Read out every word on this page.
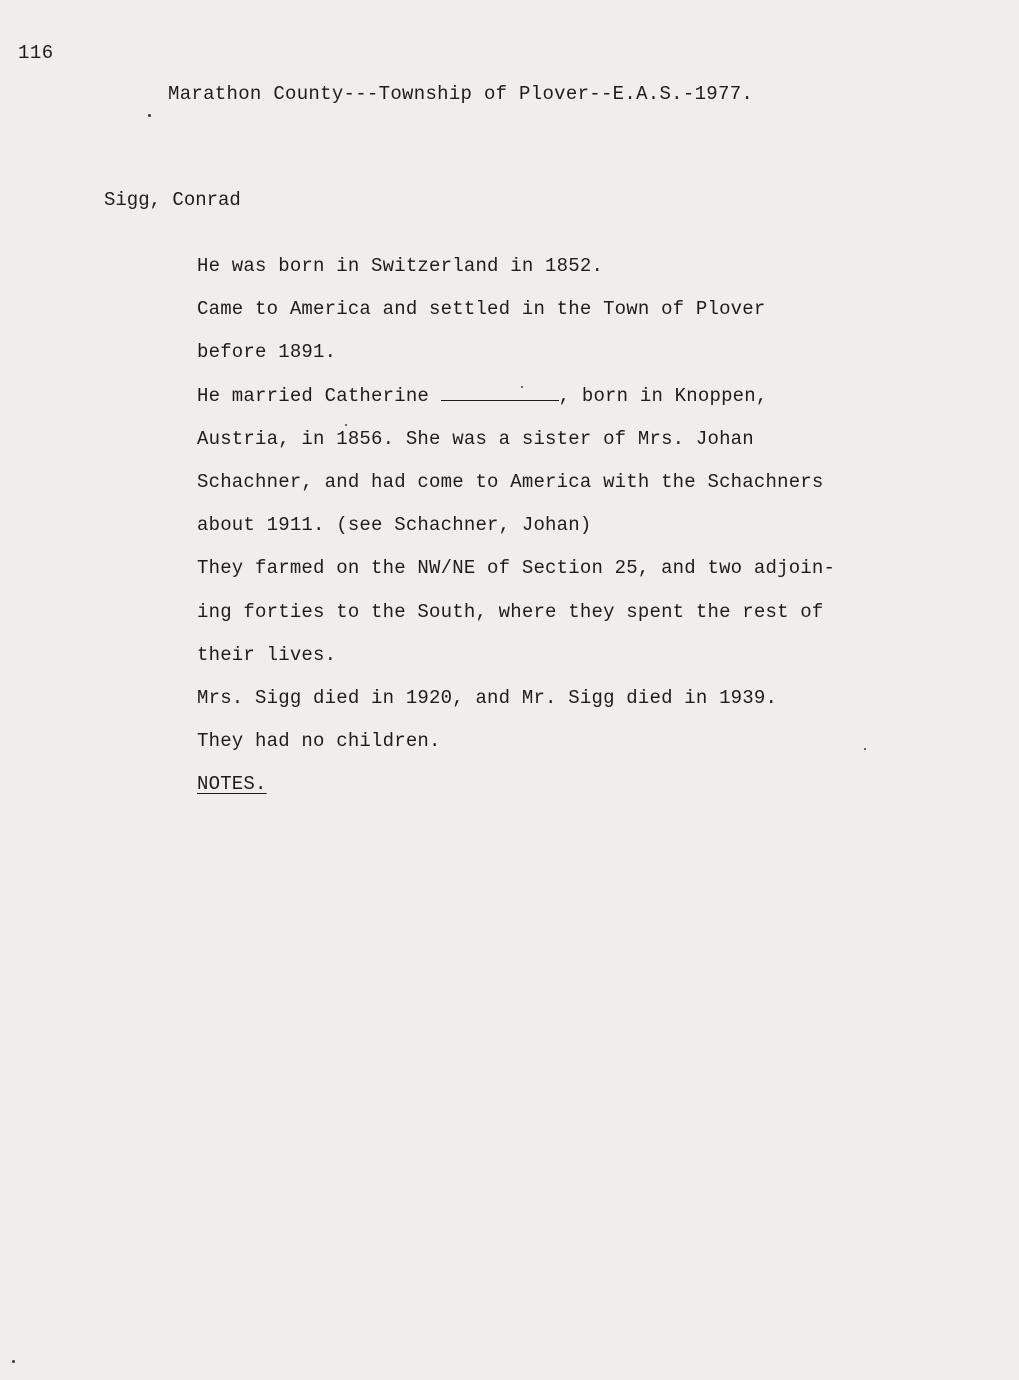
116
Marathon County---Township of Plover--E.A.S.-1977.
Sigg, Conrad
He was born in Switzerland in 1852.
Came to America and settled in the Town of Plover
before 1891.
He married Catherine	, born in Knoppen,
Austria, in 1856. She was a sister of Mrs. Johan
Schachner, and had come to America with the Schachners
about 1911. (see Schachner, Johan)
They farmed on the NW/NE of Section 25, and two adjoin-
ing forties to the South, where they spent the rest of
their lives.
Mrs. Sigg died in 1920, and Mr. Sigg died in 1939.
They had no children.
NOTES.
